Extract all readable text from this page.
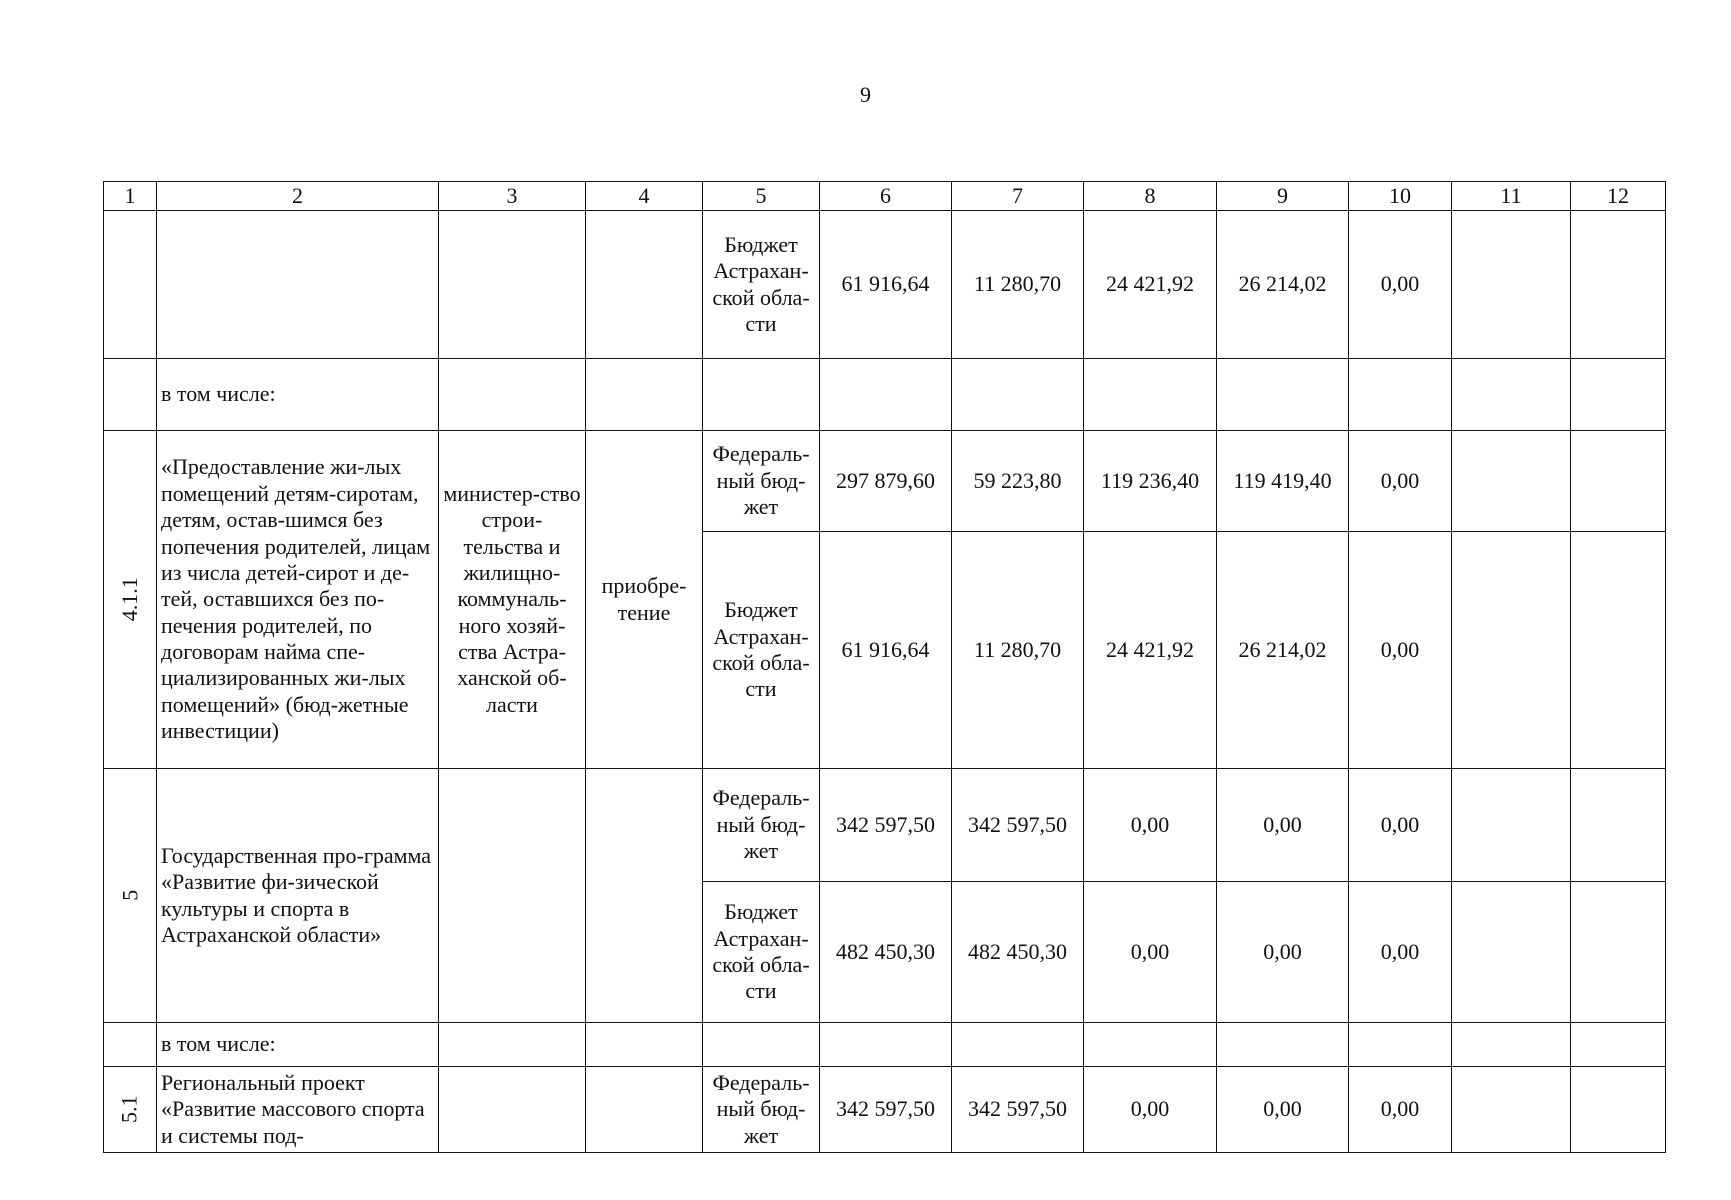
9
1	2	3	4	5	6	7	8	9	10	11	12
				Бюджет Астрахан-ской обла-сти	61 916,64	11 280,70	24 421,92	26 214,02	0,00		
	в том числе:										
4.1.1	«Предоставление жи-лых помещений детям-сиротам, детям, остав-шимся без попечения родителей, лицам из числа детей-сирот и де-тей, оставшихся без по-печения родителей, по договорам найма спе-циализированных жи-лых помещений» (бюд-жетные инвестиции)	министер-ство строи-тельства и жилищно-коммуналь-ного хозяй-ства Астра-ханской об-ласти	приобре-тение	Федераль-ный бюд-жет	297 879,60	59 223,80	119 236,40	119 419,40	0,00		
				Бюджет Астрахан-ской обла-сти	61 916,64	11 280,70	24 421,92	26 214,02	0,00		
5	Государственная про-грамма «Развитие фи-зической культуры и спорта в Астраханской области»			Федераль-ный бюд-жет	342 597,50	342 597,50	0,00	0,00	0,00		
				Бюджет Астрахан-ской обла-сти	482 450,30	482 450,30	0,00	0,00	0,00		
	в том числе:										
5.1	Региональный проект «Развитие массового спорта и системы под-			Федераль-ный бюд-жет	342 597,50	342 597,50	0,00	0,00	0,00		
